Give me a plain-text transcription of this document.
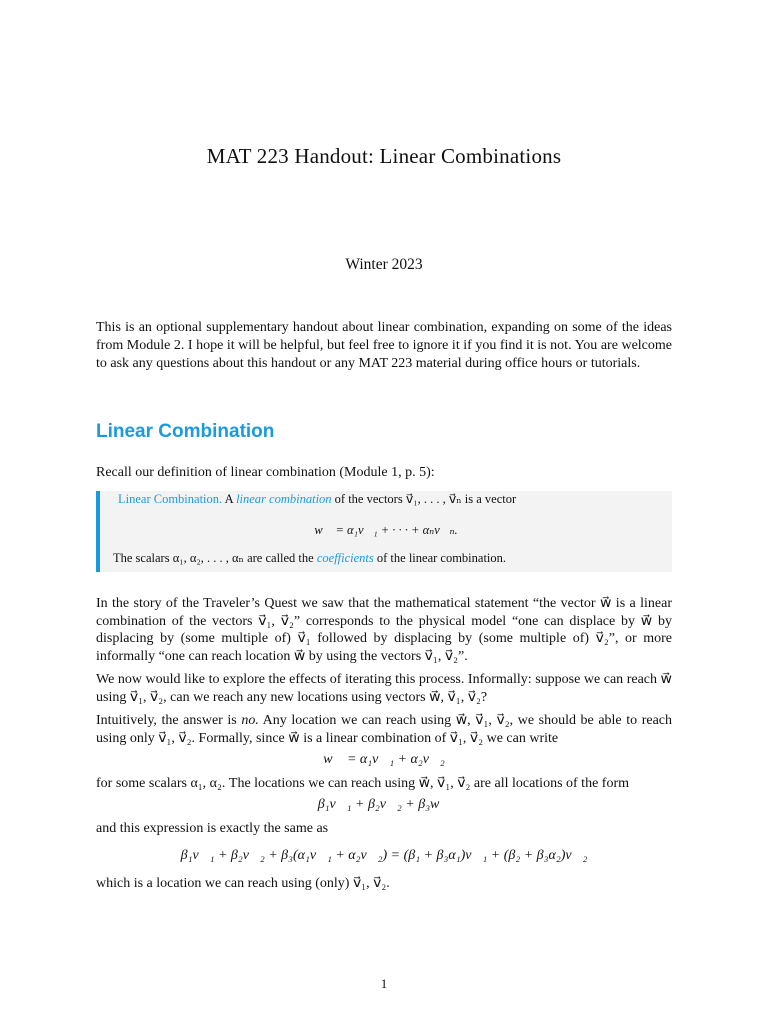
MAT 223 Handout: Linear Combinations
Winter 2023
This is an optional supplementary handout about linear combination, expanding on some of the ideas from Module 2. I hope it will be helpful, but feel free to ignore it if you find it is not. You are welcome to ask any questions about this handout or any MAT 223 material during office hours or tutorials.
Linear Combination
Recall our definition of linear combination (Module 1, p. 5):
Linear Combination. A linear combination of the vectors v⃗₁, . . . , v⃗ₙ is a vector
w⃗ = α₁v⃗₁ + · · · + αₙv⃗ₙ.
The scalars α₁, α₂, . . . , αₙ are called the coefficients of the linear combination.

In the story of the Traveler’s Quest we saw that the mathematical statement “the vector w⃗ is a linear combination of the vectors v⃗₁, v⃗₂” corresponds to the physical model “one can displace by w⃗ by displacing by (some multiple of) v⃗₁ followed by displacing by (some multiple of) v⃗₂”, or more informally “one can reach location w⃗ by using the vectors v⃗₁, v⃗₂”.

We now would like to explore the effects of iterating this process. Informally: suppose we can reach w⃗ using v⃗₁, v⃗₂, can we reach any new locations using vectors w⃗, v⃗₁, v⃗₂?

Intuitively, the answer is no. Any location we can reach using w⃗, v⃗₁, v⃗₂, we should be able to reach using only v⃗₁, v⃗₂. Formally, since w⃗ is a linear combination of v⃗₁, v⃗₂ we can write

w⃗ = α₁v⃗₁ + α₂v⃗₂

for some scalars α₁, α₂. The locations we can reach using w⃗, v⃗₁, v⃗₂ are all locations of the form

β₁v⃗₁ + β₂v⃗₂ + β₃w⃗

and this expression is exactly the same as

β₁v⃗₁ + β₂v⃗₂ + β₃(α₁v⃗₁ + α₂v⃗₂) = (β₁ + β₃α₁)v⃗₁ + (β₂ + β₃α₂)v⃗₂

which is a location we can reach using (only) v⃗₁, v⃗₂.

1
